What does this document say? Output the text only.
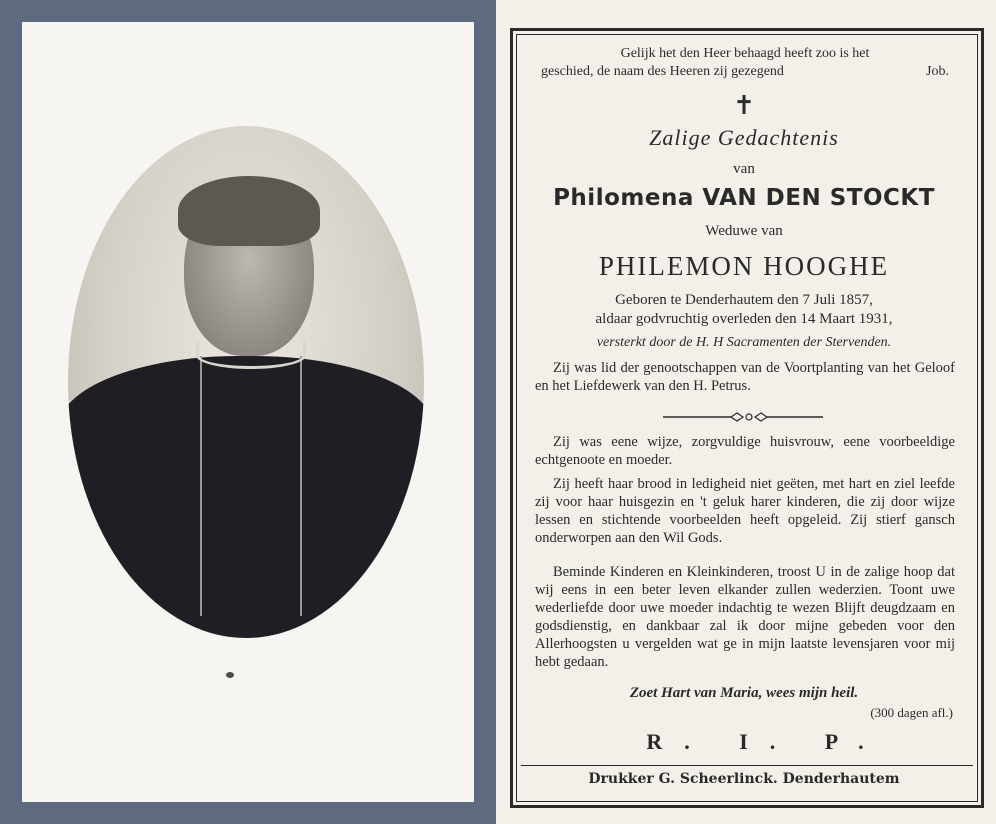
Gelijk het den Heer behaagd heeft zoo is het
geschied, de naam des Heeren zij gezegend	Job.
✝
Zalige Gedachtenis
van
Philomena VAN DEN STOCKT
Weduwe van
PHILEMON HOOGHE
Geboren te Denderhautem den 7 Juli 1857,
aldaar godvruchtig overleden den 14 Maart 1931,
versterkt door de H. H Sacramenten der Stervenden.
Zij was lid der genootschappen van de Voortplanting van het Geloof en het Liefdewerk van den H. Petrus.
Zij was eene wijze, zorgvuldige huisvrouw, eene voorbeeldige echtgenoote en moeder.
Zij heeft haar brood in ledigheid niet geëten, met hart en ziel leefde zij voor haar huisgezin en 't geluk harer kinderen, die zij door wijze lessen en stichtende voorbeelden heeft opgeleid. Zij stierf gansch onderworpen aan den Wil Gods.
Beminde Kinderen en Kleinkinderen, troost U in de zalige hoop dat wij eens in een beter leven elkander zullen wederzien. Toont uwe wederliefde door uwe moeder indachtig te wezen Blijft deugdzaam en godsdienstig, en dankbaar zal ik door mijne gebeden voor den Allerhoogsten u vergelden wat ge in mijn laatste levensjaren voor mij hebt gedaan.
Zoet Hart van Maria, wees mijn heil.
(300 dagen afl.)
R. I. P.
Drukker G. Scheerlinck. Denderhautem
